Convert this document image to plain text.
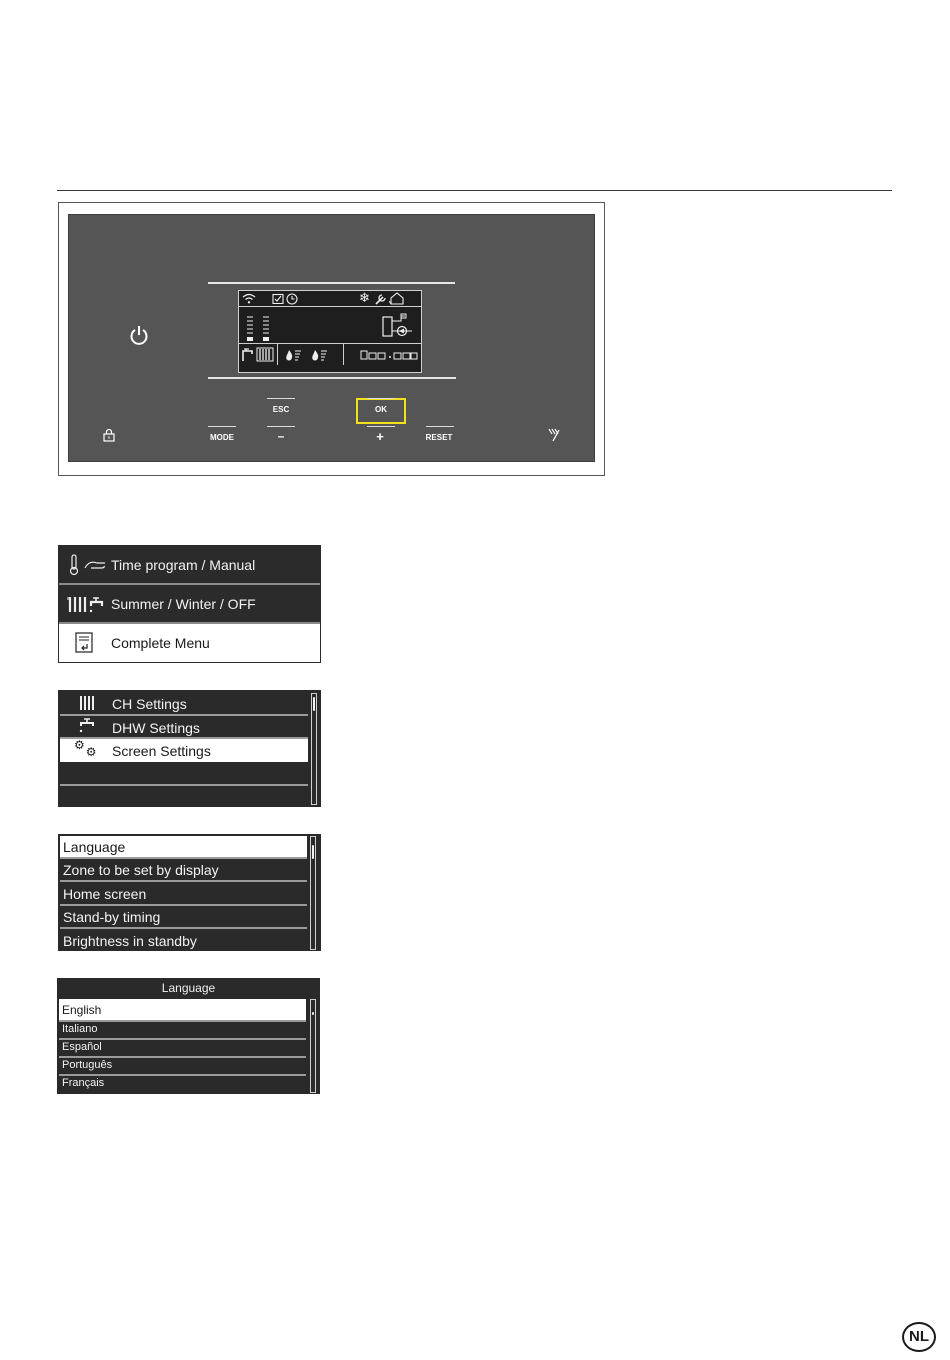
❄
ESC	OK
MODE	–	+	RESET
Time program / Manual
Summer / Winter / OFF
Complete Menu
CH Settings
DHW Settings
⚙⚙ Screen Settings
Language
Zone to be set by display
Home screen
Stand-by timing
Brightness in standby
Language
English
Italiano
Español
Português
Français
NL
